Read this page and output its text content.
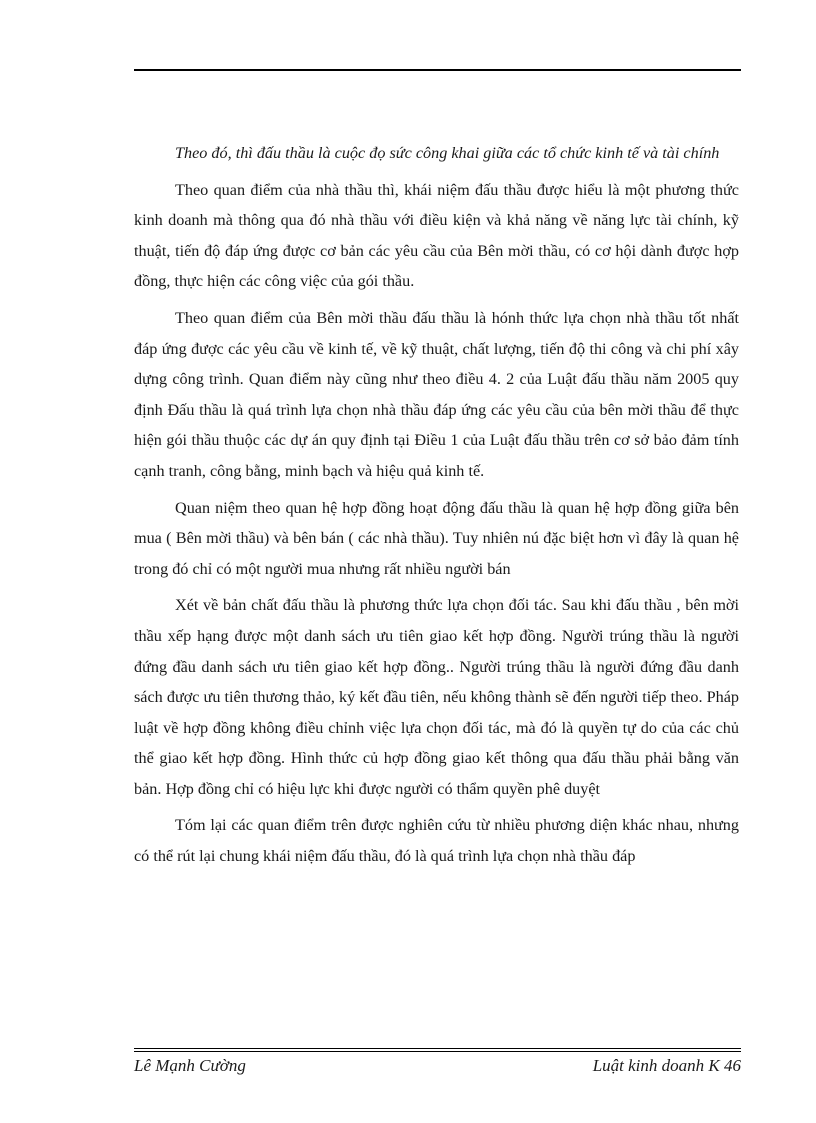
Theo đó, thì đấu thầu là cuộc đọ sức công khai giữa các tổ chức kinh tế và tài chính

Theo quan điểm của nhà thầu thì, khái niệm đấu thầu được hiểu là một phương thức kinh doanh mà thông qua đó nhà thầu với điều kiện và khả năng về năng lực tài chính, kỹ thuật, tiến độ đáp ứng được cơ bản các yêu cầu của Bên mời thầu, có cơ hội dành được hợp đồng, thực hiện các công việc của gói thầu.

Theo quan điểm của Bên mời thầu đấu thầu là hónh thức lựa chọn nhà thầu tốt nhất đáp ứng được các yêu cầu về kinh tế, về kỹ thuật, chất lượng, tiến độ thi công và chi phí xây dựng công trình. Quan điểm này cũng như theo điều 4. 2 của Luật đấu thầu năm 2005 quy định Đấu thầu là quá trình lựa chọn nhà thầu đáp ứng các yêu cầu của bên mời thầu để thực hiện gói thầu thuộc các dự án quy định tại Điều 1 của Luật đấu thầu trên cơ sở bảo đảm tính cạnh tranh, công bằng, minh bạch và hiệu quả kinh tế.

Quan niệm theo quan hệ hợp đồng hoạt động đấu thầu là quan hệ hợp đồng giữa bên mua ( Bên mời thầu) và bên bán ( các nhà thầu). Tuy nhiên nú đặc biệt hơn vì đây là quan hệ trong đó chỉ có một người mua nhưng rất nhiều người bán

Xét về bản chất đấu thầu là phương thức lựa chọn đối tác. Sau khi đấu thầu , bên mời thầu xếp hạng được một danh sách ưu tiên giao kết hợp đồng. Người trúng thầu là người đứng đầu danh sách ưu tiên giao kết hợp đồng.. Người trúng thầu là người đứng đầu danh sách được ưu tiên thương thảo, ký kết đầu tiên, nếu không thành sẽ đến người tiếp theo. Pháp luật về hợp đồng không điều chỉnh việc lựa chọn đối tác, mà đó là quyền tự do của các chủ thể giao kết hợp đồng. Hình thức củ hợp đồng giao kết thông qua đấu thầu phải bằng văn bản. Hợp đồng chỉ có hiệu lực khi được người có thẩm quyền phê duyệt

Tóm lại các quan điểm trên được nghiên cứu từ nhiều phương diện khác nhau, nhưng có thể rút lại chung khái niệm đấu thầu, đó là quá trình lựa chọn nhà thầu đáp

Lê Mạnh Cường	Luật kinh doanh K 46
